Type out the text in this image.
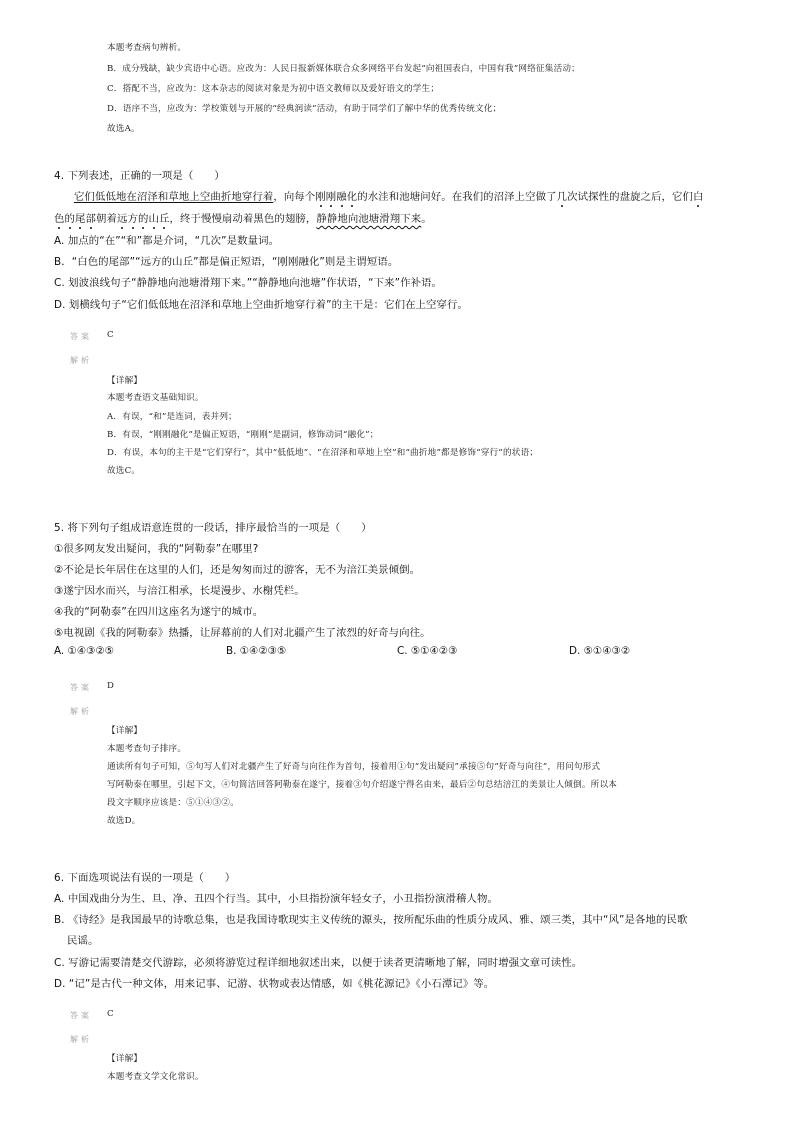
本题考查病句辨析。
B．成分残缺，缺少宾语中心语。应改为：人民日报新媒体联合众多网络平台发起“向祖国表白，中国有我”网络征集活动；
C．搭配不当，应改为：这本杂志的阅读对象是为初中语文教师以及爱好语文的学生；
D．语序不当，应改为：学校策划与开展的“经典润读”活动，有助于同学们了解中华的优秀传统文化；
故选A。
4. 下列表述，正确的一项是（　　）
它们低低地在沼泽和草地上空曲折地穿行着，向每个刚刚融化的水洼和池塘问好。在我们的沼泽上空做了几次试探性的盘旋之后，它们白
色的尾部朝着远方的山丘，终于慢慢扇动着黑色的翅膀，静静地向池塘滑翔下来。
A. 加点的“在”“和”都是介词，“几次”是数量词。
B．“白色的尾部”“远方的山丘”都是偏正短语，“刚刚融化”则是主谓短语。
C. 划波浪线句子“静静地向池塘滑翔下来。”“静静地向池塘”作状语，“下来”作补语。
D. 划横线句子“它们低低地在沼泽和草地上空曲折地穿行着”的主干是：它们在上空穿行。
答案 C
解析
【详解】
本题考查语文基础知识。
A．有误，“和”是连词，表并列；
B．有误，“刚刚融化”是偏正短语，“刚刚”是副词，修饰动词“融化”；
D．有误，本句的主干是“它们穿行”，其中“低低地”、“在沼泽和草地上空”和“曲折地”都是修饰“穿行”的状语；
故选C。
5. 将下列句子组成语意连贯的一段话，排序最恰当的一项是（　　）
①很多网友发出疑问，我的“阿勒泰”在哪里?
②不论是长年居住在这里的人们，还是匆匆而过的游客，无不为涪江美景倾倒。
③遂宁因水而兴，与涪江相承，长堤漫步、水榭凭栏。
④我的“阿勒泰”在四川这座名为遂宁的城市。
⑤电视剧《我的阿勒泰》热播，让屏幕前的人们对北疆产生了浓烈的好奇与向往。
A. ①④③②⑤	B. ①④②③⑤	C. ⑤①④②③	D. ⑤①④③②
答案 D
解析
【详解】
本题考查句子排序。
通读所有句子可知，⑤句写人们对北疆产生了好奇与向往作为首句，接着用①句“发出疑问”承接⑤句“好奇与向往”，用问句形式
写阿勒泰在哪里，引起下文，④句简洁回答阿勒泰在遂宁，接着③句介绍遂宁得名由来，最后②句总结涪江的美景让人倾倒。所以本
段文字顺序应该是：⑤①④③②。
故选D。
6. 下面选项说法有误的一项是（　　）
A. 中国戏曲分为生、旦、净、丑四个行当。其中，小旦指扮演年轻女子，小丑指扮演滑稽人物。
B. 《诗经》是我国最早的诗歌总集，也是我国诗歌现实主义传统的源头，按所配乐曲的性质分成风、雅、颂三类，其中“风”是各地的民歌
民谣。
C. 写游记需要清楚交代游踪，必须将游览过程详细地叙述出来，以便于读者更清晰地了解，同时增强文章可读性。
D. “记”是古代一种文体，用来记事、记游、状物或表达情感，如《桃花源记》《小石潭记》等。
答案 C
解析
【详解】
本题考查文学文化常识。
